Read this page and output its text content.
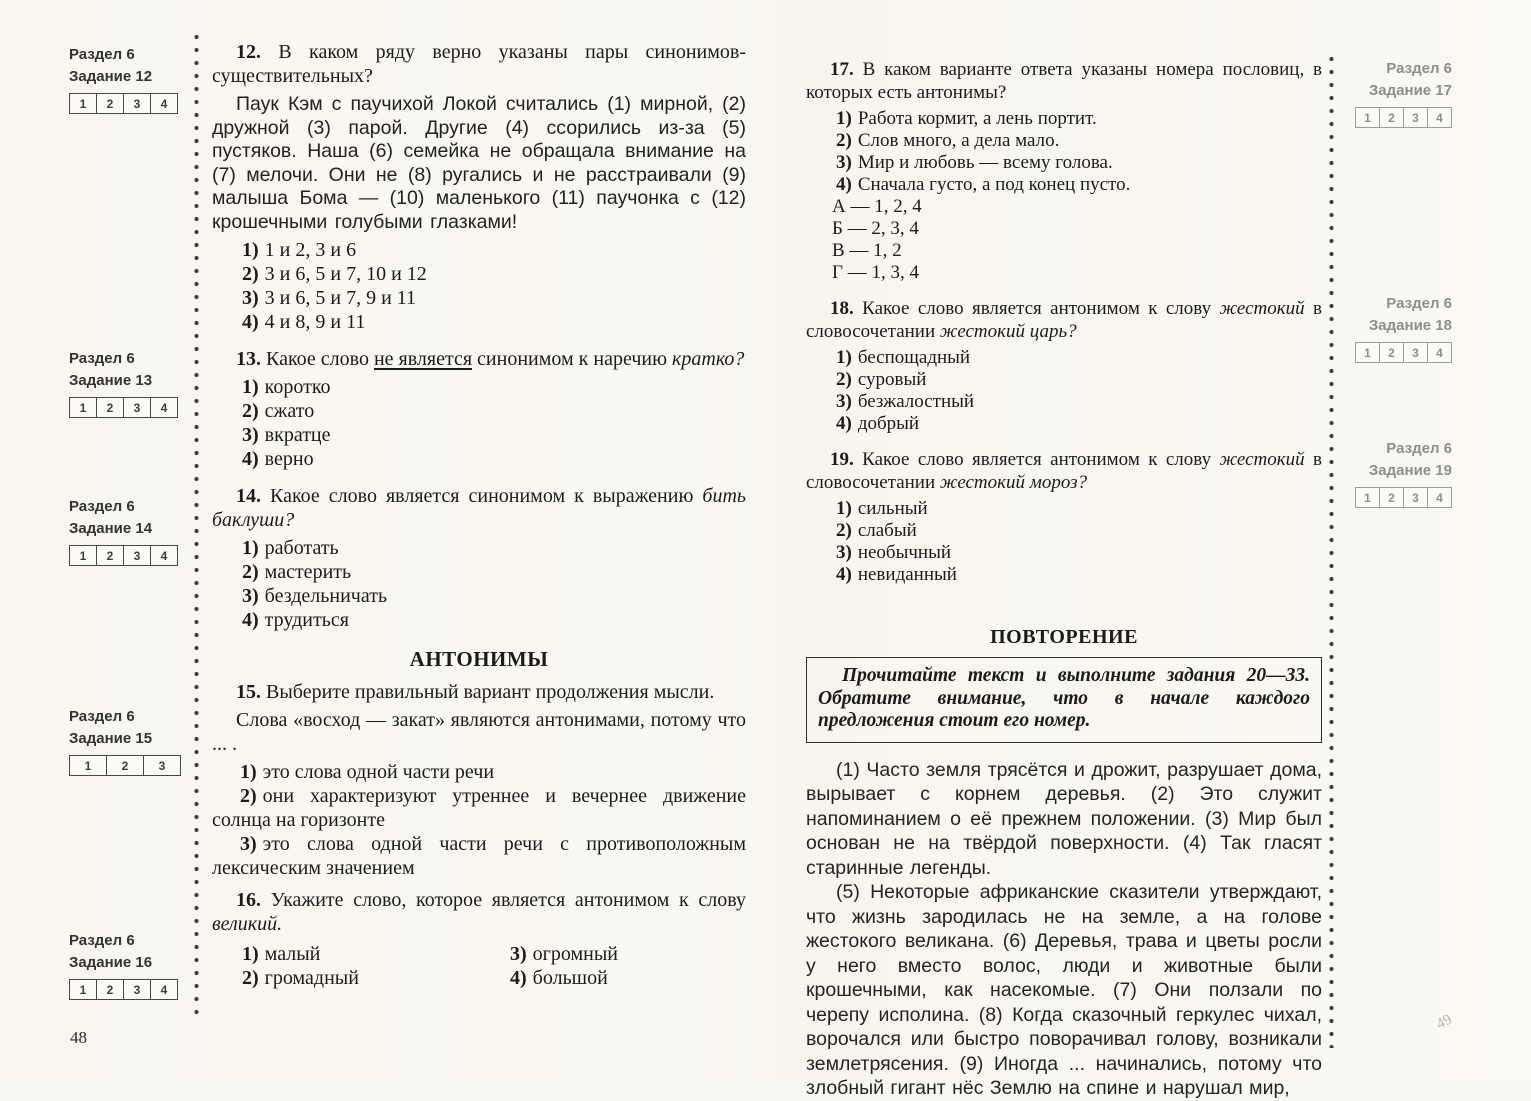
Раздел 6
Задание 12
1	2	3	4
Раздел 6
Задание 13
1	2	3	4
Раздел 6
Задание 14
1	2	3	4
Раздел 6
Задание 15
1	2	3
Раздел 6
Задание 16
1	2	3	4

12. В каком ряду верно указаны пары синонимов-существительных?

Паук Кэм с паучихой Локой считались (1) мирной, (2) дружной (3) парой. Другие (4) ссорились из-за (5) пустяков. Наша (6) семейка не обращала внимание на (7) мелочи. Они не (8) ругались и не расстраивали (9) малыша Бома — (10) маленького (11) паучонка с (12) крошечными голубыми глазками!

1) 1 и 2, 3 и 6
2) 3 и 6, 5 и 7, 10 и 12
3) 3 и 6, 5 и 7, 9 и 11
4) 4 и 8, 9 и 11

13. Какое слово не является синонимом к наречию кратко?

1) коротко
2) сжато
3) вкратце
4) верно

14. Какое слово является синонимом к выражению бить баклуши?

1) работать
2) мастерить
3) бездельничать
4) трудиться
АНТОНИМЫ

15. Выберите правильный вариант продолжения мысли.

Слова «восход — закат» являются антонимами, потому что ... .

1) это слова одной части речи
2) они характеризуют утреннее и вечернее движение солнца на горизонте
3) это слова одной части речи с противоположным лексическим значением

16. Укажите слово, которое является антонимом к слову великий.

1) малый
2) громадный
3) огромный
4) большой
48
Раздел 6
Задание 17
1	2	3	4
Раздел 6
Задание 18
1	2	3	4
Раздел 6
Задание 19
1	2	3	4

17. В каком варианте ответа указаны номера пословиц, в которых есть антонимы?

1) Работа кормит, а лень портит.
2) Слов много, а дела мало.
3) Мир и любовь — всему голова.
4) Сначала густо, а под конец пусто.
А — 1, 2, 4
Б — 2, 3, 4
В — 1, 2
Г — 1, 3, 4

18. Какое слово является антонимом к слову жестокий в словосочетании жестокий царь?

1) беспощадный
2) суровый
3) безжалостный
4) добрый

19. Какое слово является антонимом к слову жестокий в словосочетании жестокий мороз?

1) сильный
2) слабый
3) необычный
4) невиданный
ПОВТОРЕНИЕ
Прочитайте текст и выполните задания 20—33. Обратите внимание, что в начале каждого предложения стоит его номер.

(1) Часто земля трясётся и дрожит, разрушает дома, вырывает с корнем деревья. (2) Это служит напоминанием о её прежнем положении. (3) Мир был основан не на твёрдой поверхности. (4) Так гласят старинные легенды.

(5) Некоторые африканские сказители утверждают, что жизнь зародилась не на земле, а на голове жестокого великана. (6) Деревья, трава и цветы росли у него вместо волос, люди и животные были крошечными, как насекомые. (7) Они ползали по черепу исполина. (8) Когда сказочный геркулес чихал, ворочался или быстро поворачивал голову, возникали землетрясения. (9) Иногда ... начинались, потому что злобный гигант нёс Землю на спине и нарушал мир,

49
